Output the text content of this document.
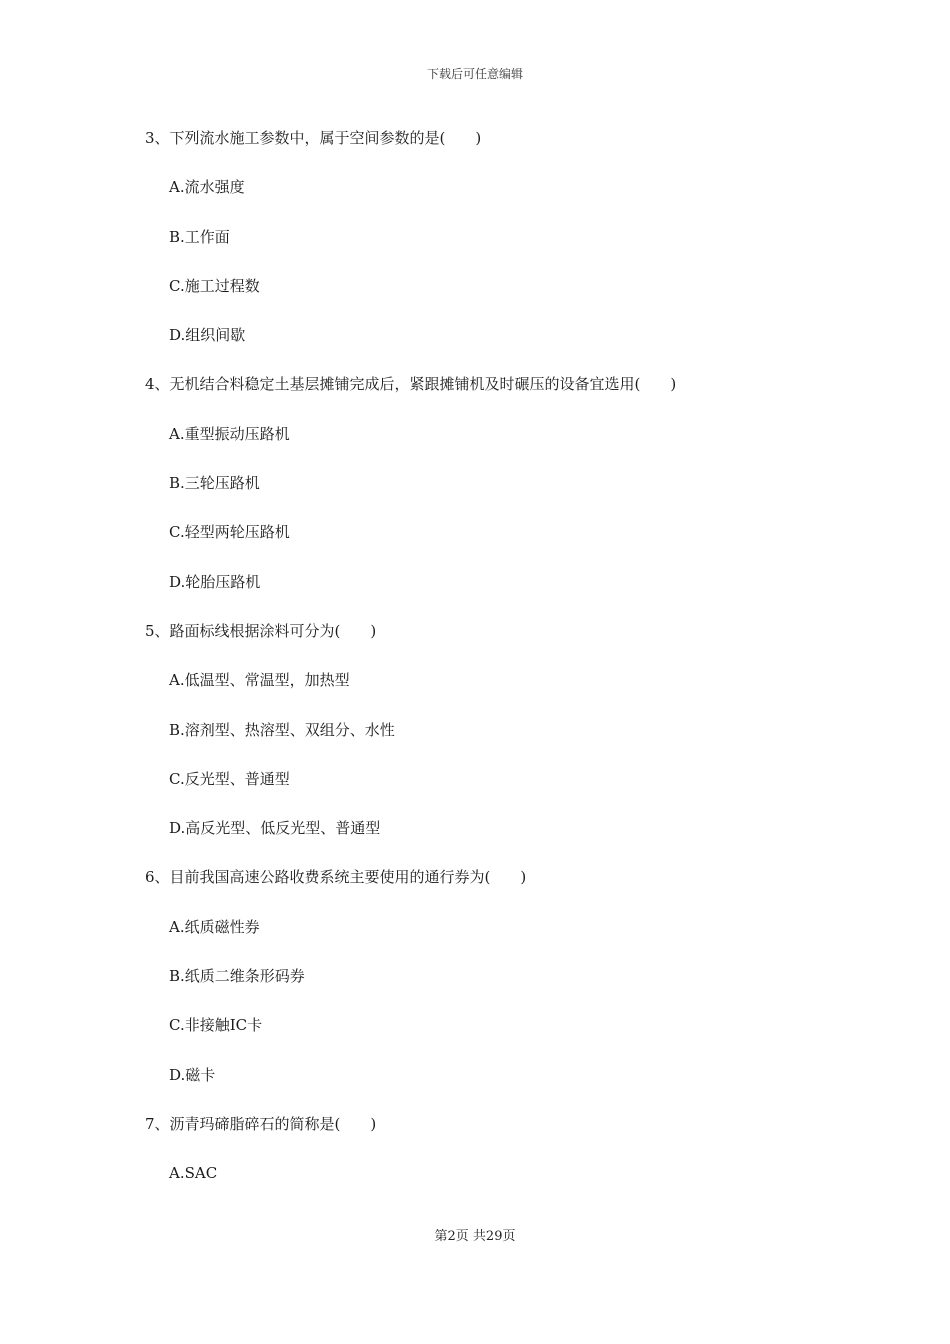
下载后可任意编辑
3、下列流水施工参数中，属于空间参数的是(　　)
A.流水强度
B.工作面
C.施工过程数
D.组织间歇
4、无机结合料稳定土基层摊铺完成后，紧跟摊铺机及时碾压的设备宜选用(　　)
A.重型振动压路机
B.三轮压路机
C.轻型两轮压路机
D.轮胎压路机
5、路面标线根据涂料可分为(　　)
A.低温型、常温型，加热型
B.溶剂型、热溶型、双组分、水性
C.反光型、普通型
D.高反光型、低反光型、普通型
6、目前我国高速公路收费系统主要使用的通行券为(　　)
A.纸质磁性券
B.纸质二维条形码券
C.非接触IC卡
D.磁卡
7、沥青玛碲脂碎石的简称是(　　)
A.SAC
第2页 共29页
